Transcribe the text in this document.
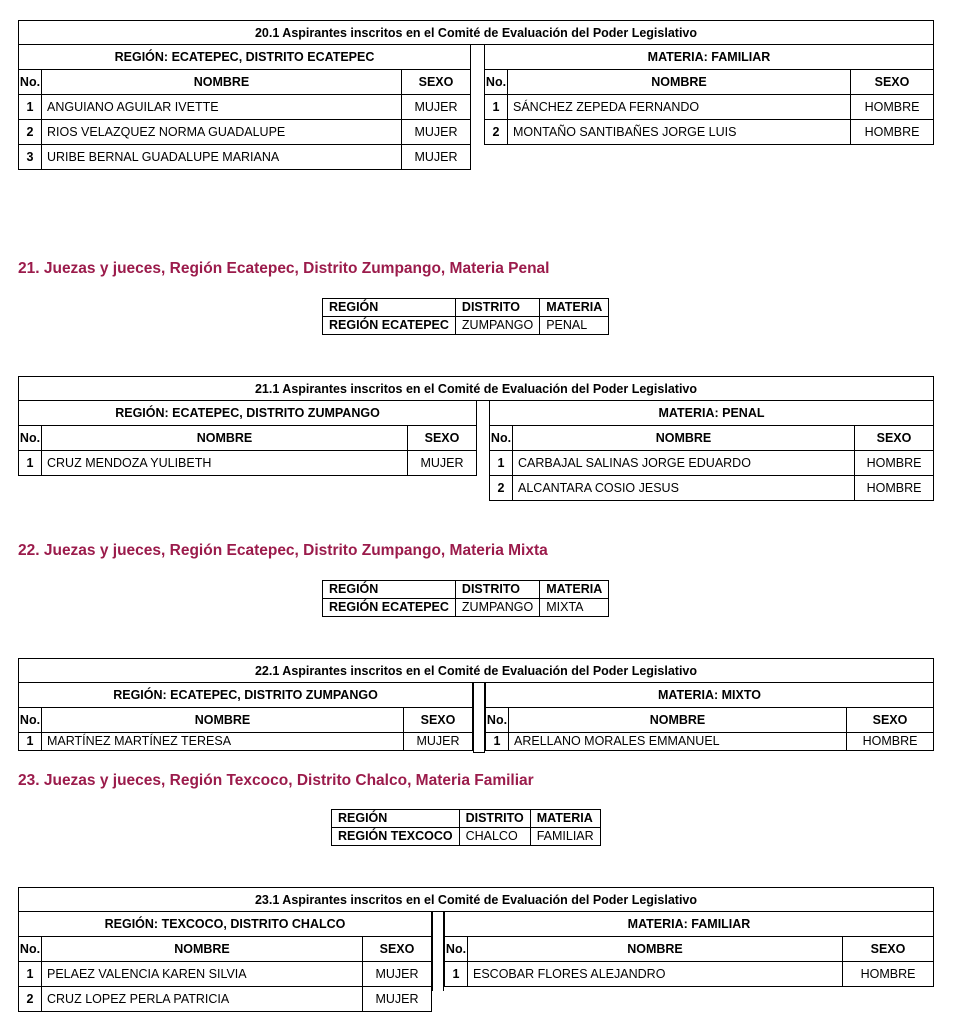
20.1 Aspirantes inscritos en el Comité de Evaluación del Poder Legislativo
REGIÓN: ECATEPEC, DISTRITO ECATEPEC		
No.	NOMBRE	SEXO
1	ANGUIANO AGUILAR IVETTE	MUJER
2	RIOS VELAZQUEZ NORMA GUADALUPE	MUJER
3	URIBE BERNAL GUADALUPE MARIANA	MUJER
MATERIA: FAMILIAR		
No.	NOMBRE	SEXO
1	SÁNCHEZ ZEPEDA FERNANDO	HOMBRE
2	MONTAÑO SANTIBAÑES JORGE LUIS	HOMBRE
21. Juezas y jueces, Región Ecatepec, Distrito Zumpango, Materia Penal
REGIÓN	DISTRITO	MATERIA
REGIÓN ECATEPEC	ZUMPANGO	PENAL
21.1 Aspirantes inscritos en el Comité de Evaluación del Poder Legislativo
REGIÓN: ECATEPEC, DISTRITO ZUMPANGO		
No.	NOMBRE	SEXO
1	CRUZ MENDOZA YULIBETH	MUJER
MATERIA: PENAL		
No.	NOMBRE	SEXO
1	CARBAJAL SALINAS JORGE EDUARDO	HOMBRE
2	ALCANTARA COSIO JESUS	HOMBRE
22. Juezas y jueces, Región Ecatepec, Distrito Zumpango, Materia Mixta
REGIÓN	DISTRITO	MATERIA
REGIÓN ECATEPEC	ZUMPANGO	MIXTA
22.1 Aspirantes inscritos en el Comité de Evaluación del Poder Legislativo
REGIÓN: ECATEPEC, DISTRITO ZUMPANGO		
No.	NOMBRE	SEXO
1	MARTÍNEZ MARTÍNEZ TERESA	MUJER
MATERIA: MIXTO		
No.	NOMBRE	SEXO
1	ARELLANO MORALES EMMANUEL	HOMBRE
23. Juezas y jueces, Región Texcoco, Distrito Chalco, Materia Familiar
REGIÓN	DISTRITO	MATERIA
REGIÓN TEXCOCO	CHALCO	FAMILIAR
23.1 Aspirantes inscritos en el Comité de Evaluación del Poder Legislativo
REGIÓN: TEXCOCO, DISTRITO CHALCO		
No.	NOMBRE	SEXO
1	PELAEZ VALENCIA KAREN SILVIA	MUJER
2	CRUZ LOPEZ PERLA PATRICIA	MUJER
MATERIA: FAMILIAR		
No.	NOMBRE	SEXO
1	ESCOBAR FLORES ALEJANDRO	HOMBRE
